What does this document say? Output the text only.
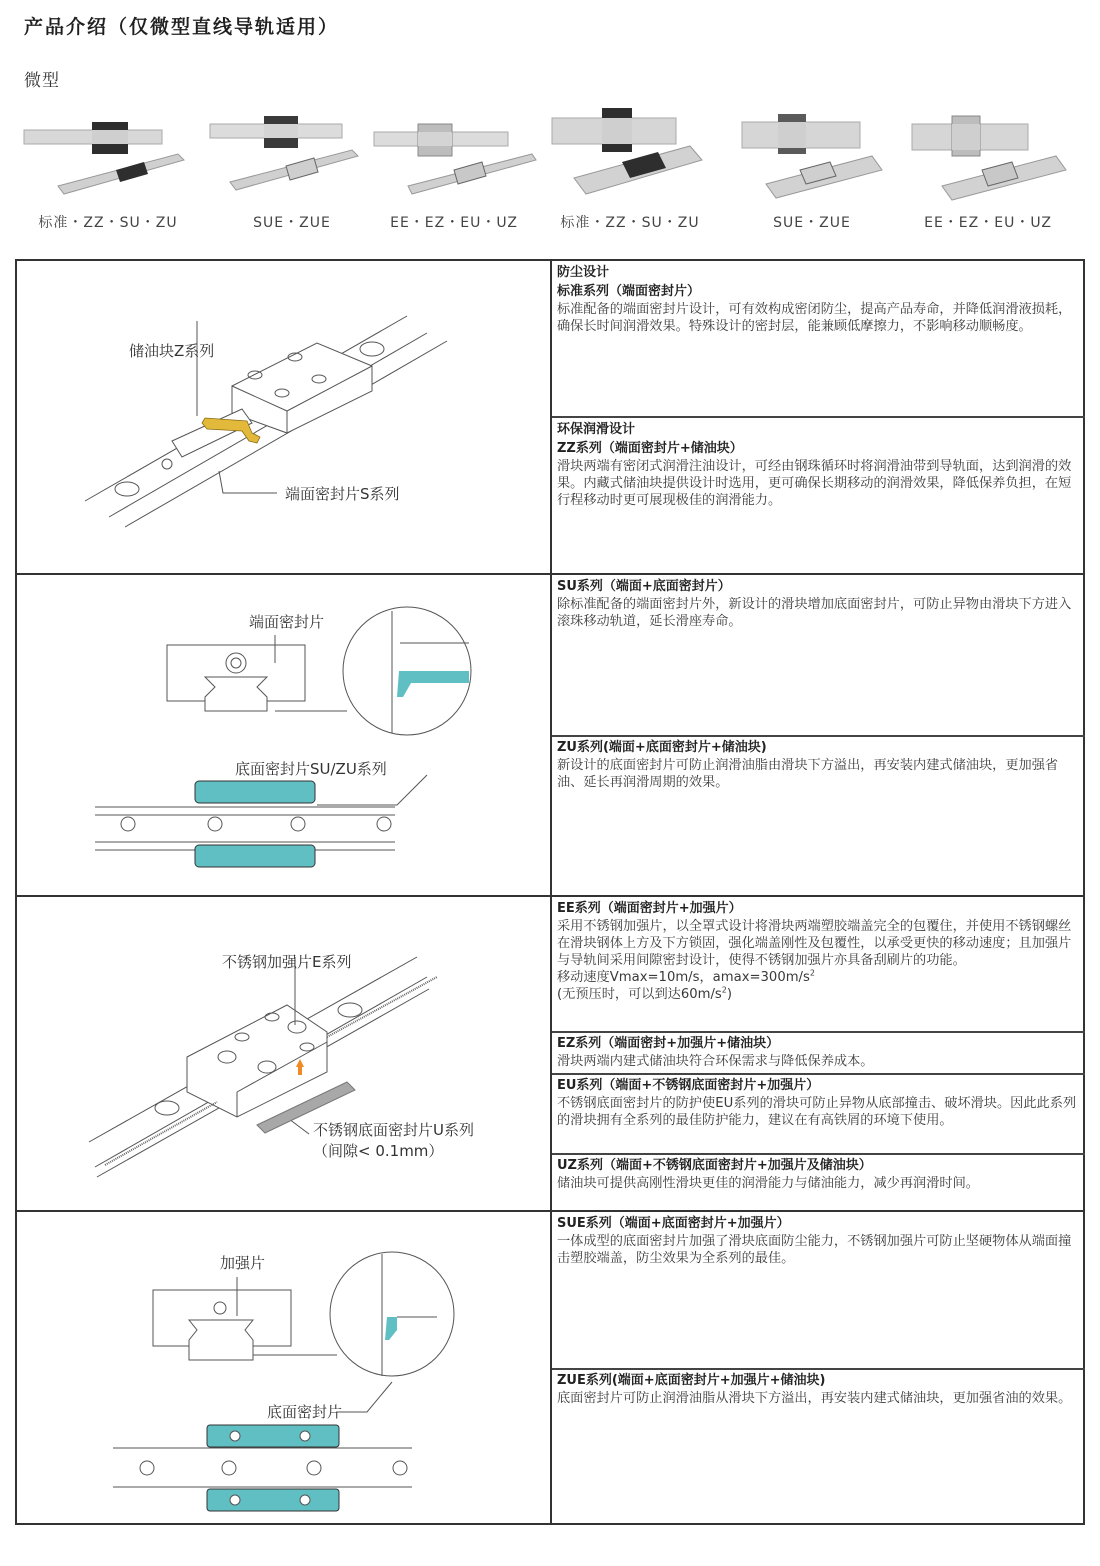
产品介绍（仅微型直线导轨适用）
微型
标准・ZZ・SU・ZU	SUE・ZUE	EE・EZ・EU・UZ	标准・ZZ・SU・ZU	SUE・ZUE	EE・EZ・EU・UZ
储油块Z系列
端面密封片S系列
端面密封片
底面密封片SU/ZU系列
不锈钢加强片E系列
不锈钢底面密封片U系列
（间隙< 0.1mm）
加强片
底面密封片
防尘设计
标准系列（端面密封片）
标准配备的端面密封片设计，可有效构成密闭防尘，提高产品寿命，并降低润滑液损耗，确保长时间润滑效果。特殊设计的密封层，能兼顾低摩擦力，不影响移动顺畅度。
环保润滑设计
ZZ系列（端面密封片+储油块）
滑块两端有密闭式润滑注油设计，可经由钢珠循环时将润滑油带到导轨面，达到润滑的效果。内藏式储油块提供设计时选用，更可确保长期移动的润滑效果，降低保养负担，在短行程移动时更可展现极佳的润滑能力。
SU系列（端面+底面密封片）
除标准配备的端面密封片外，新设计的滑块增加底面密封片，可防止异物由滑块下方进入滚珠移动轨道，延长滑座寿命。
ZU系列(端面+底面密封片+储油块)
新设计的底面密封片可防止润滑油脂由滑块下方溢出，再安装内建式储油块，更加强省油、延长再润滑周期的效果。
EE系列（端面密封片+加强片）
采用不锈钢加强片，以全罩式设计将滑块两端塑胶端盖完全的包覆住，并使用不锈钢螺丝在滑块钢体上方及下方锁固，强化端盖刚性及包覆性，以承受更快的移动速度；且加强片与导轨间采用间隙密封设计，使得不锈钢加强片亦具备刮刷片的功能。
移动速度Vmax=10m/s，$amax=300m/s^2$
(无预压时，可以到达$60m/s^2$)
EZ系列（端面密封+加强片+储油块）
滑块两端内建式储油块符合环保需求与降低保养成本。
EU系列（端面+不锈钢底面密封片+加强片）
不锈钢底面密封片的防护使EU系列的滑块可防止异物从底部撞击、破坏滑块。因此此系列的滑块拥有全系列的最佳防护能力，建议在有高铁屑的环境下使用。
UZ系列（端面+不锈钢底面密封片+加强片及储油块）
储油块可提供高刚性滑块更佳的润滑能力与储油能力，减少再润滑时间。
SUE系列（端面+底面密封片+加强片）
一体成型的底面密封片加强了滑块底面防尘能力，不锈钢加强片可防止坚硬物体从端面撞击塑胶端盖，防尘效果为全系列的最佳。
ZUE系列(端面+底面密封片+加强片+储油块)
底面密封片可防止润滑油脂从滑块下方溢出，再安装内建式储油块，更加强省油的效果。
